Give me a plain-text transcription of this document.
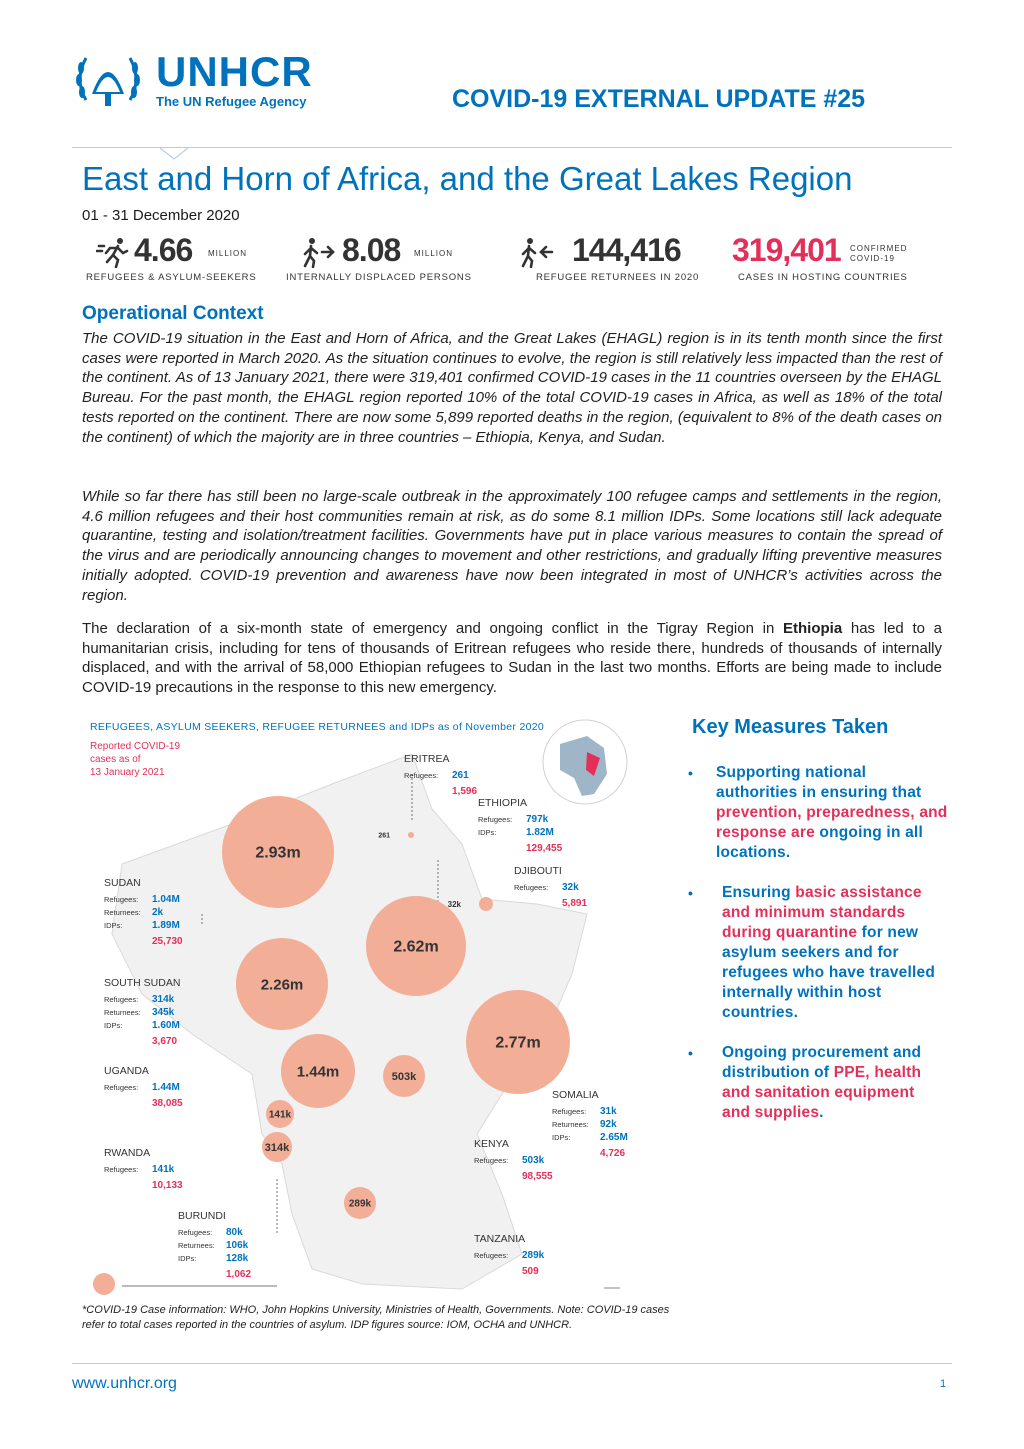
UNHCR
The UN Refugee Agency	COVID-19 EXTERNAL UPDATE #25
East and Horn of Africa, and the Great Lakes Region
01 - 31 December 2020
4.66 MILLION
REFUGEES & ASYLUM-SEEKERS
8.08 MILLION
INTERNALLY DISPLACED PERSONS
144,416
REFUGEE RETURNEES IN 2020
319,401 CONFIRMED COVID-19
CASES IN HOSTING COUNTRIES
Operational Context
The COVID-19 situation in the East and Horn of Africa, and the Great Lakes (EHAGL) region is in its tenth month since the first cases were reported in March 2020. As the situation continues to evolve, the region is still relatively less impacted than the rest of the continent. As of 13 January 2021, there were 319,401 confirmed COVID-19 cases in the 11 countries overseen by the EHAGL Bureau. For the past month, the EHAGL region reported 10% of the total COVID-19 cases in Africa, as well as 18% of the total tests reported on the continent. There are now some 5,899 reported deaths in the region, (equivalent to 8% of the death cases on the continent) of which the majority are in three countries – Ethiopia, Kenya, and Sudan.
While so far there has still been no large-scale outbreak in the approximately 100 refugee camps and settlements in the region, 4.6 million refugees and their host communities remain at risk, as do some 8.1 million IDPs. Some locations still lack adequate quarantine, testing and isolation/treatment facilities. Governments have put in place various measures to contain the spread of the virus and are periodically announcing changes to movement and other restrictions, and gradually lifting preventive measures initially adopted. COVID-19 prevention and awareness have now been integrated in most of UNHCR’s activities across the region.
The declaration of a six-month state of emergency and ongoing conflict in the Tigray Region in Ethiopia has led to a humanitarian crisis, including for tens of thousands of Eritrean refugees who reside there, hundreds of thousands of internally displaced, and with the arrival of 58,000 Ethiopian refugees to Sudan in the last two months. Efforts are being made to include COVID-19 precautions in the response to this new emergency.
REFUGEES, ASYLUM SEEKERS, REFUGEE RETURNEES and IDPs as of November 2020
Reported COVID-19
cases as of
13 January 2021
2.93m
2.62m
2.26m
2.77m
1.44m	503k
141k
314k
289k
32k
261
ERITREA
Refugees: 261
1,596
ETHIOPIA
Refugees: 797k
IDPs:	1.82M
129,455
DJIBOUTI
Refugees: 32k
5,891
SUDAN
Refugees: 1.04M
Returnees: 2k
IDPs:	1.89M
25,730
SOUTH SUDAN
Refugees: 314k
Returnees: 345k
IDPs:	1.60M
3,670
UGANDA
Refugees: 1.44M
38,085
RWANDA
Refugees: 141k
10,133
SOMALIA
Refugees: 31k
Returnees: 92k
IDPs:	2.65M
4,726
KENYA
Refugees: 503k
98,555
BURUNDI
Refugees: 80k
Returnees: 106k
IDPs:	128k
1,062
TANZANIA
Refugees: 289k
509
*COVID-19 Case information: WHO, John Hopkins University, Ministries of Health, Governments. Note: COVID-19 cases refer to total cases reported in the countries of asylum. IDP figures source: IOM, OCHA and UNHCR.
Key Measures Taken
• Supporting national authorities in ensuring that prevention, preparedness, and response are ongoing in all locations.
• Ensuring basic assistance and minimum standards during quarantine for new asylum seekers and for refugees who have travelled internally within host countries.
• Ongoing procurement and distribution of PPE, health and sanitation equipment and supplies.
www.unhcr.org	1
